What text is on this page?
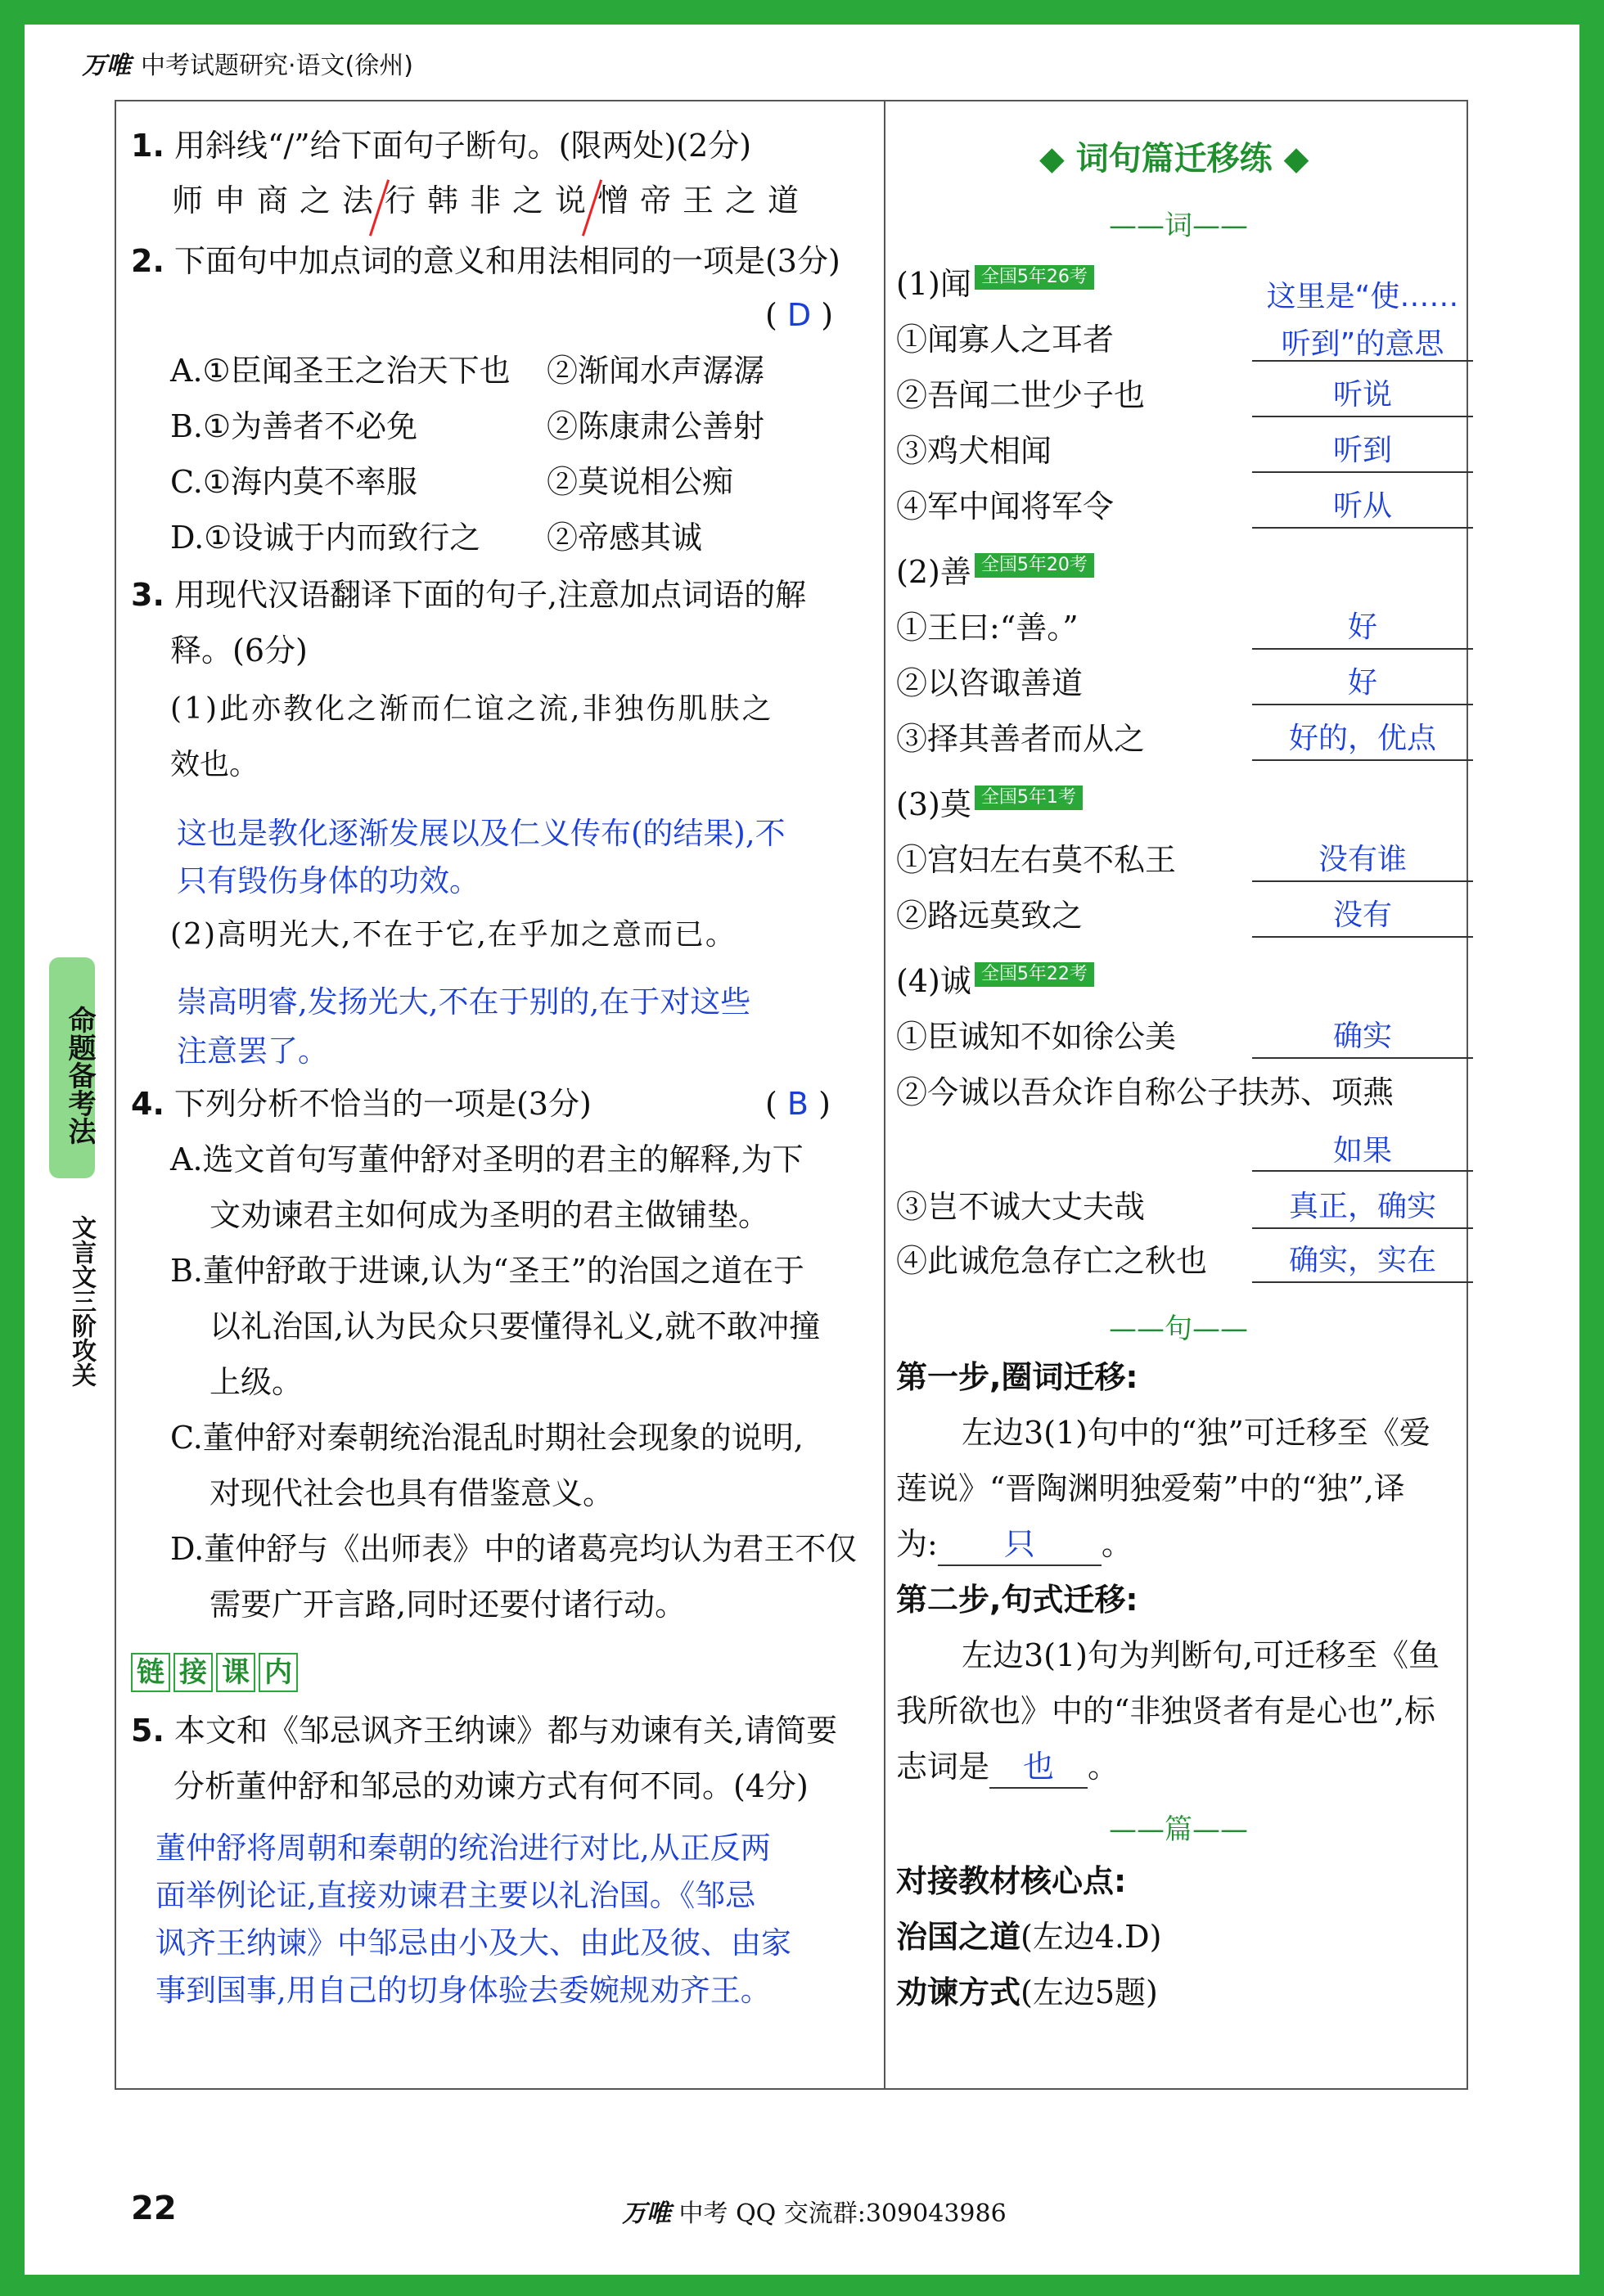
万唯 中考试题研究·语文(徐州)
命题备考法
文言文三阶攻关
1. 用斜线“/”给下面句子断句。(限两处)(2分)
师申商之法行韩非之说憎帝王之道
2. 下面句中加点词的意义和用法相同的一项是(3分)
( D )
A.①臣闻圣王之治天下也 ②渐闻水声潺潺
B.①为善者不必免	②陈康肃公善射
C.①海内莫不率服	②莫说相公痴
D.①设诚于内而致行之 ②帝感其诚
3. 用现代汉语翻译下面的句子,注意加点词语的解
释。(6分)
(1)此亦教化之渐而仁谊之流,非独伤肌肤之
效也。
这也是教化逐渐发展以及仁义传布(的结果),不
只有毁伤身体的功效。
(2)高明光大,不在于它,在乎加之意而已。
崇高明睿,发扬光大,不在于别的,在于对这些
注意罢了。
4. 下列分析不恰当的一项是(3分)	( B )
A.选文首句写董仲舒对圣明的君主的解释,为下
文劝谏君主如何成为圣明的君主做铺垫。
B.董仲舒敢于进谏,认为“圣王”的治国之道在于
以礼治国,认为民众只要懂得礼义,就不敢冲撞
上级。
C.董仲舒对秦朝统治混乱时期社会现象的说明,
对现代社会也具有借鉴意义。
D.董仲舒与《出师表》中的诸葛亮均认为君王不仅
需要广开言路,同时还要付诸行动。
链 接 课 内
5. 本文和《邹忌讽齐王纳谏》都与劝谏有关,请简要
分析董仲舒和邹忌的劝谏方式有何不同。(4分)
董仲舒将周朝和秦朝的统治进行对比,从正反两
面举例论证,直接劝谏君主要以礼治国。《邹忌
讽齐王纳谏》中邹忌由小及大、由此及彼、由家
事到国事,用自己的切身体验去委婉规劝齐王。
◆ 词句篇迁移练 ◆
——词——
(1)闻 全国5年26考
这里是“使……
①闻寡人之耳者	听到”的意思
②吾闻二世少子也	听说
③鸡犬相闻	听到
④军中闻将军令	听从
(2)善 全国5年20考
①王曰:“善。”	好
②以咨诹善道	好
③择其善者而从之	好的，优点
(3)莫 全国5年1考
①宫妇左右莫不私王	没有谁
②路远莫致之	没有
(4)诚 全国5年22考
①臣诚知不如徐公美	确实
②今诚以吾众诈自称公子扶苏、项燕
如果
③岂不诚大丈夫哉	真正，确实
④此诚危急存亡之秋也	确实，实在
——句——
第一步,圈词迁移:
左边3(1)句中的“独”可迁移至《爱
莲说》“晋陶渊明独爱菊”中的“独”,译
为: 只 。
第二步,句式迁移:
左边3(1)句为判断句,可迁移至《鱼
我所欲也》中的“非独贤者有是心也”,标
志词是 也 。
——篇——
对接教材核心点:
治国之道(左边4.D)
劝谏方式(左边5题)
22	万唯 中考 QQ 交流群:309043986
